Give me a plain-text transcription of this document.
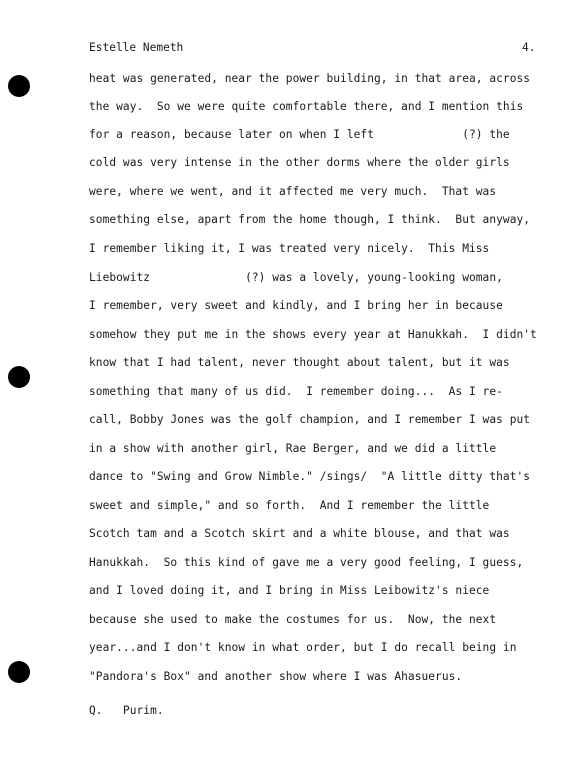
Estelle Nemeth	4.
heat was generated, near the power building, in that area, across
the way.  So we were quite comfortable there, and I mention this
for a reason, because later on when I left             (?) the
cold was very intense in the other dorms where the older girls
were, where we went, and it affected me very much.  That was
something else, apart from the home though, I think.  But anyway,
I remember liking it, I was treated very nicely.  This Miss
Liebowitz              (?) was a lovely, young-looking woman,
I remember, very sweet and kindly, and I bring her in because
somehow they put me in the shows every year at Hanukkah.  I didn't
know that I had talent, never thought about talent, but it was
something that many of us did.  I remember doing...  As I re-
call, Bobby Jones was the golf champion, and I remember I was put
in a show with another girl, Rae Berger, and we did a little
dance to "Swing and Grow Nimble." /sings/  "A little ditty that's
sweet and simple," and so forth.  And I remember the little
Scotch tam and a Scotch skirt and a white blouse, and that was
Hanukkah.  So this kind of gave me a very good feeling, I guess,
and I loved doing it, and I bring in Miss Leibowitz's niece
because she used to make the costumes for us.  Now, the next
year...and I don't know in what order, but I do recall being in
"Pandora's Box" and another show where I was Ahasuerus.
Q.   Purim.
